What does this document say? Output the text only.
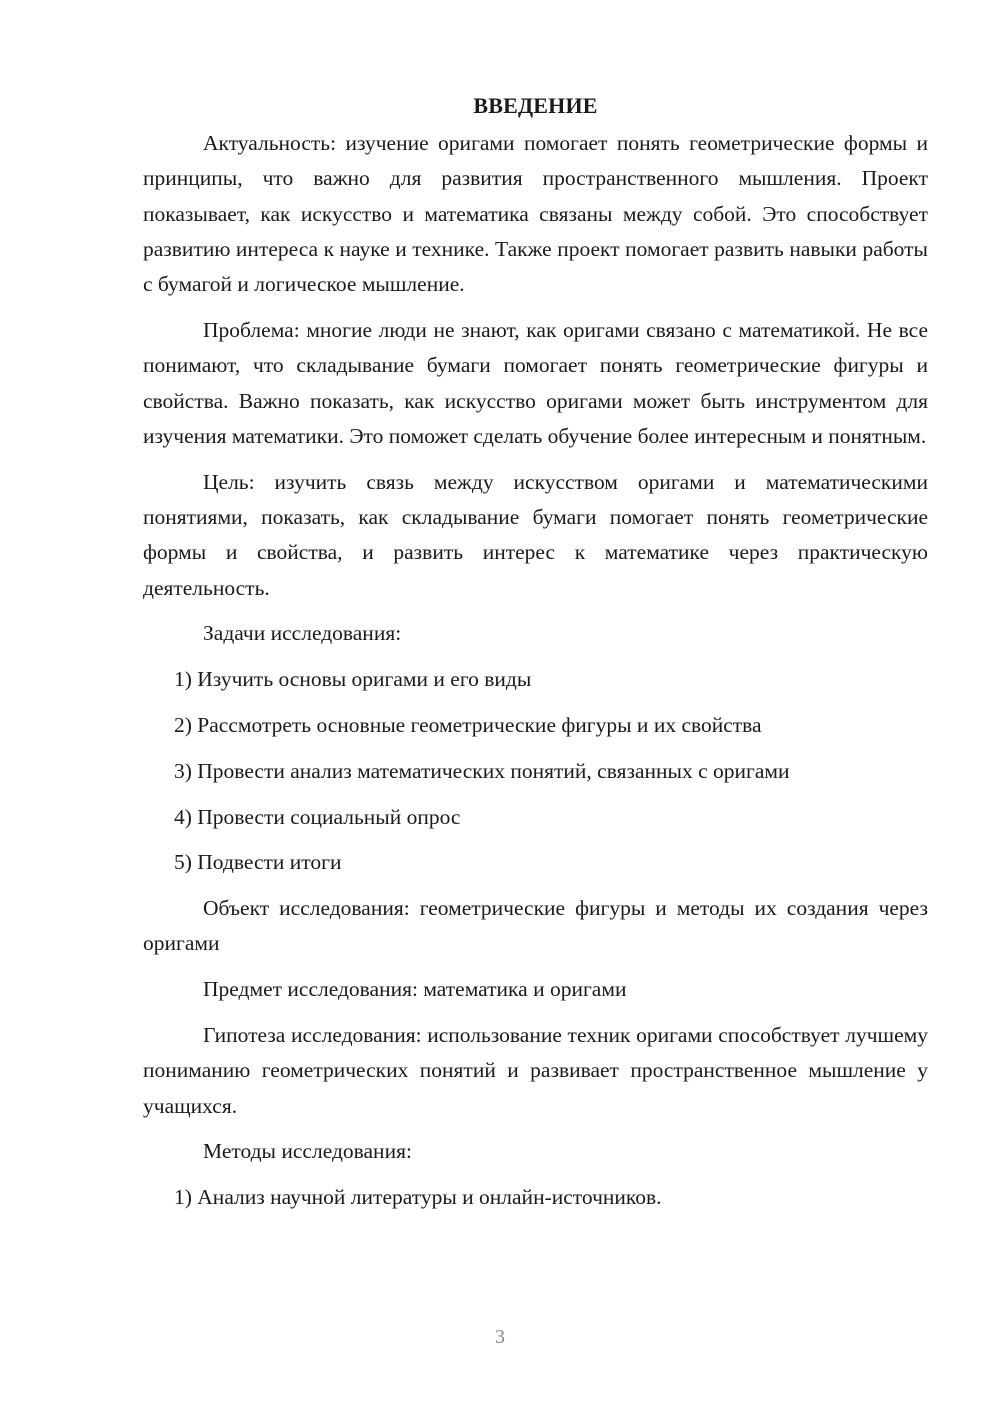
ВВЕДЕНИЕ

Актуальность: изучение оригами помогает понять геометрические формы и принципы, что важно для развития пространственного мышления. Проект показывает, как искусство и математика связаны между собой. Это способствует развитию интереса к науке и технике. Также проект помогает развить навыки работы с бумагой и логическое мышление.

Проблема: многие люди не знают, как оригами связано с математикой. Не все понимают, что складывание бумаги помогает понять геометрические фигуры и свойства. Важно показать, как искусство оригами может быть инструментом для изучения математики. Это поможет сделать обучение более интересным и понятным.

Цель: изучить связь между искусством оригами и математическими понятиями, показать, как складывание бумаги помогает понять геометрические формы и свойства, и развить интерес к математике через практическую деятельность.

Задачи исследования:

1) Изучить основы оригами и его виды
2) Рассмотреть основные геометрические фигуры и их свойства
3) Провести анализ математических понятий, связанных с оригами
4) Провести социальный опрос
5) Подвести итоги

Объект исследования: геометрические фигуры и методы их создания через оригами

Предмет исследования: математика и оригами

Гипотеза исследования: использование техник оригами способствует лучшему пониманию геометрических понятий и развивает пространственное мышление у учащихся.

Методы исследования:

1) Анализ научной литературы и онлайн-источников.
3
